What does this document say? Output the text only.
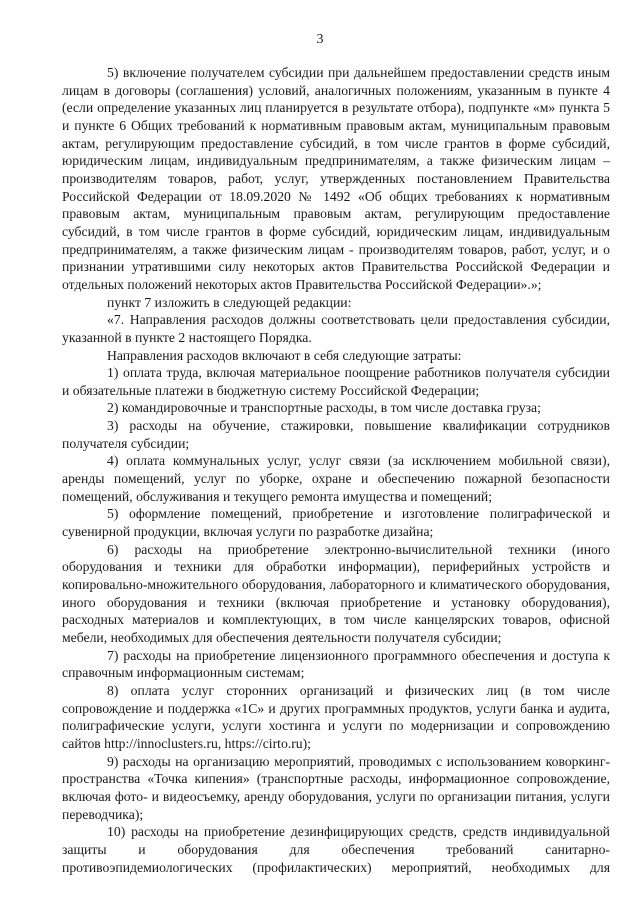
3

5) включение получателем субсидии при дальнейшем предоставлении средств иным лицам в договоры (соглашения) условий, аналогичных положениям, указанным в пункте 4 (если определение указанных лиц планируется в результате отбора), подпункте «м» пункта 5 и пункте 6 Общих требований к нормативным правовым актам, муниципальным правовым актам, регулирующим предоставление субсидий, в том числе грантов в форме субсидий, юридическим лицам, индивидуальным предпринимателям, а также физическим лицам – производителям товаров, работ, услуг, утвержденных постановлением Правительства Российской Федерации от 18.09.2020 № 1492 «Об общих требованиях к нормативным правовым актам, муниципальным правовым актам, регулирующим предоставление субсидий, в том числе грантов в форме субсидий, юридическим лицам, индивидуальным предпринимателям, а также физическим лицам - производителям товаров, работ, услуг, и о признании утратившими силу некоторых актов Правительства Российской Федерации и отдельных положений некоторых актов Правительства Российской Федерации».»;

пункт 7 изложить в следующей редакции:

«7. Направления расходов должны соответствовать цели предоставления субсидии, указанной в пункте 2 настоящего Порядка.

Направления расходов включают в себя следующие затраты:

1) оплата труда, включая материальное поощрение работников получателя субсидии и обязательные платежи в бюджетную систему Российской Федерации;

2) командировочные и транспортные расходы, в том числе доставка груза;

3) расходы на обучение, стажировки, повышение квалификации сотрудников получателя субсидии;

4) оплата коммунальных услуг, услуг связи (за исключением мобильной связи), аренды помещений, услуг по уборке, охране и обеспечению пожарной безопасности помещений, обслуживания и текущего ремонта имущества и помещений;

5) оформление помещений, приобретение и изготовление полиграфической и сувенирной продукции, включая услуги по разработке дизайна;

6) расходы на приобретение электронно-вычислительной техники (иного оборудования и техники для обработки информации), периферийных устройств и копировально-множительного оборудования, лабораторного и климатического оборудования, иного оборудования и техники (включая приобретение и установку оборудования), расходных материалов и комплектующих, в том числе канцелярских товаров, офисной мебели, необходимых для обеспечения деятельности получателя субсидии;

7) расходы на приобретение лицензионного программного обеспечения и доступа к справочным информационным системам;

8) оплата услуг сторонних организаций и физических лиц (в том числе сопровождение и поддержка «1С» и других программных продуктов, услуги банка и аудита, полиграфические услуги, услуги хостинга и услуги по модернизации и сопровождению сайтов http://innoclusters.ru, https://cirto.ru);

9) расходы на организацию мероприятий, проводимых с использованием коворкинг-пространства «Точка кипения» (транспортные расходы, информационное сопровождение, включая фото- и видеосъемку, аренду оборудования, услуги по организации питания, услуги переводчика);

10) расходы на приобретение дезинфицирующих средств, средств индивидуальной защиты и оборудования для обеспечения требований санитарно-противоэпидемиологических (профилактических) мероприятий, необходимых для
